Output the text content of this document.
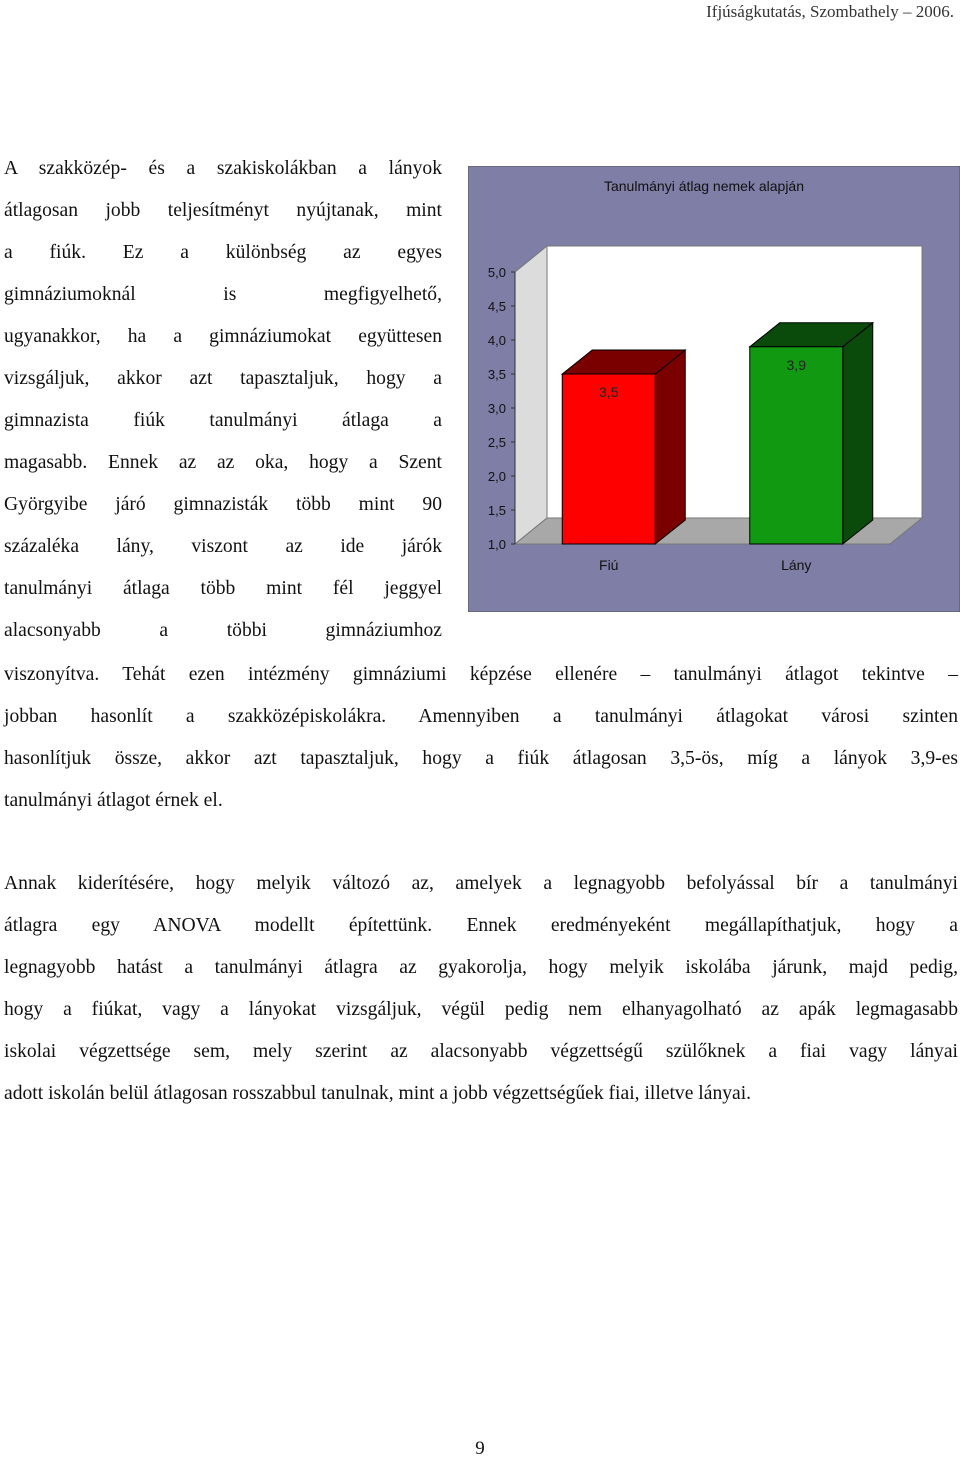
Ifjúságkutatás, Szombathely – 2006.
A szakközép- és a szakiskolákban a lányok
átlagosan jobb teljesítményt nyújtanak, mint
a fiúk. Ez a különbség az egyes
gimnáziumoknál is megfigyelhető,
ugyanakkor, ha a gimnáziumokat együttesen
vizsgáljuk, akkor azt tapasztaljuk, hogy a
gimnazista fiúk tanulmányi átlaga a
magasabb. Ennek az az oka, hogy a Szent
Györgyibe járó gimnazisták több mint 90
százaléka lány, viszont az ide járók
tanulmányi átlaga több mint fél jeggyel
alacsonyabb a többi gimnáziumhoz
Tanulmányi átlag nemek alapján
1,0
1,5
2,0
2,5
3,0
3,5
4,0
4,5
5,0
3,5
Fiú
3,9
Lány
viszonyítva. Tehát ezen intézmény gimnáziumi képzése ellenére – tanulmányi átlagot tekintve –
jobban hasonlít a szakközépiskolákra. Amennyiben a tanulmányi átlagokat városi szinten
hasonlítjuk össze, akkor azt tapasztaljuk, hogy a fiúk átlagosan 3,5-ös, míg a lányok 3,9-es
tanulmányi átlagot érnek el.
Annak kiderítésére, hogy melyik változó az, amelyek a legnagyobb befolyással bír a tanulmányi
átlagra egy ANOVA modellt építettünk. Ennek eredményeként megállapíthatjuk, hogy a
legnagyobb hatást a tanulmányi átlagra az gyakorolja, hogy melyik iskolába járunk, majd pedig,
hogy a fiúkat, vagy a lányokat vizsgáljuk, végül pedig nem elhanyagolható az apák legmagasabb
iskolai végzettsége sem, mely szerint az alacsonyabb végzettségű szülőknek a fiai vagy lányai
adott iskolán belül átlagosan rosszabbul tanulnak, mint a jobb végzettségűek fiai, illetve lányai.
9
